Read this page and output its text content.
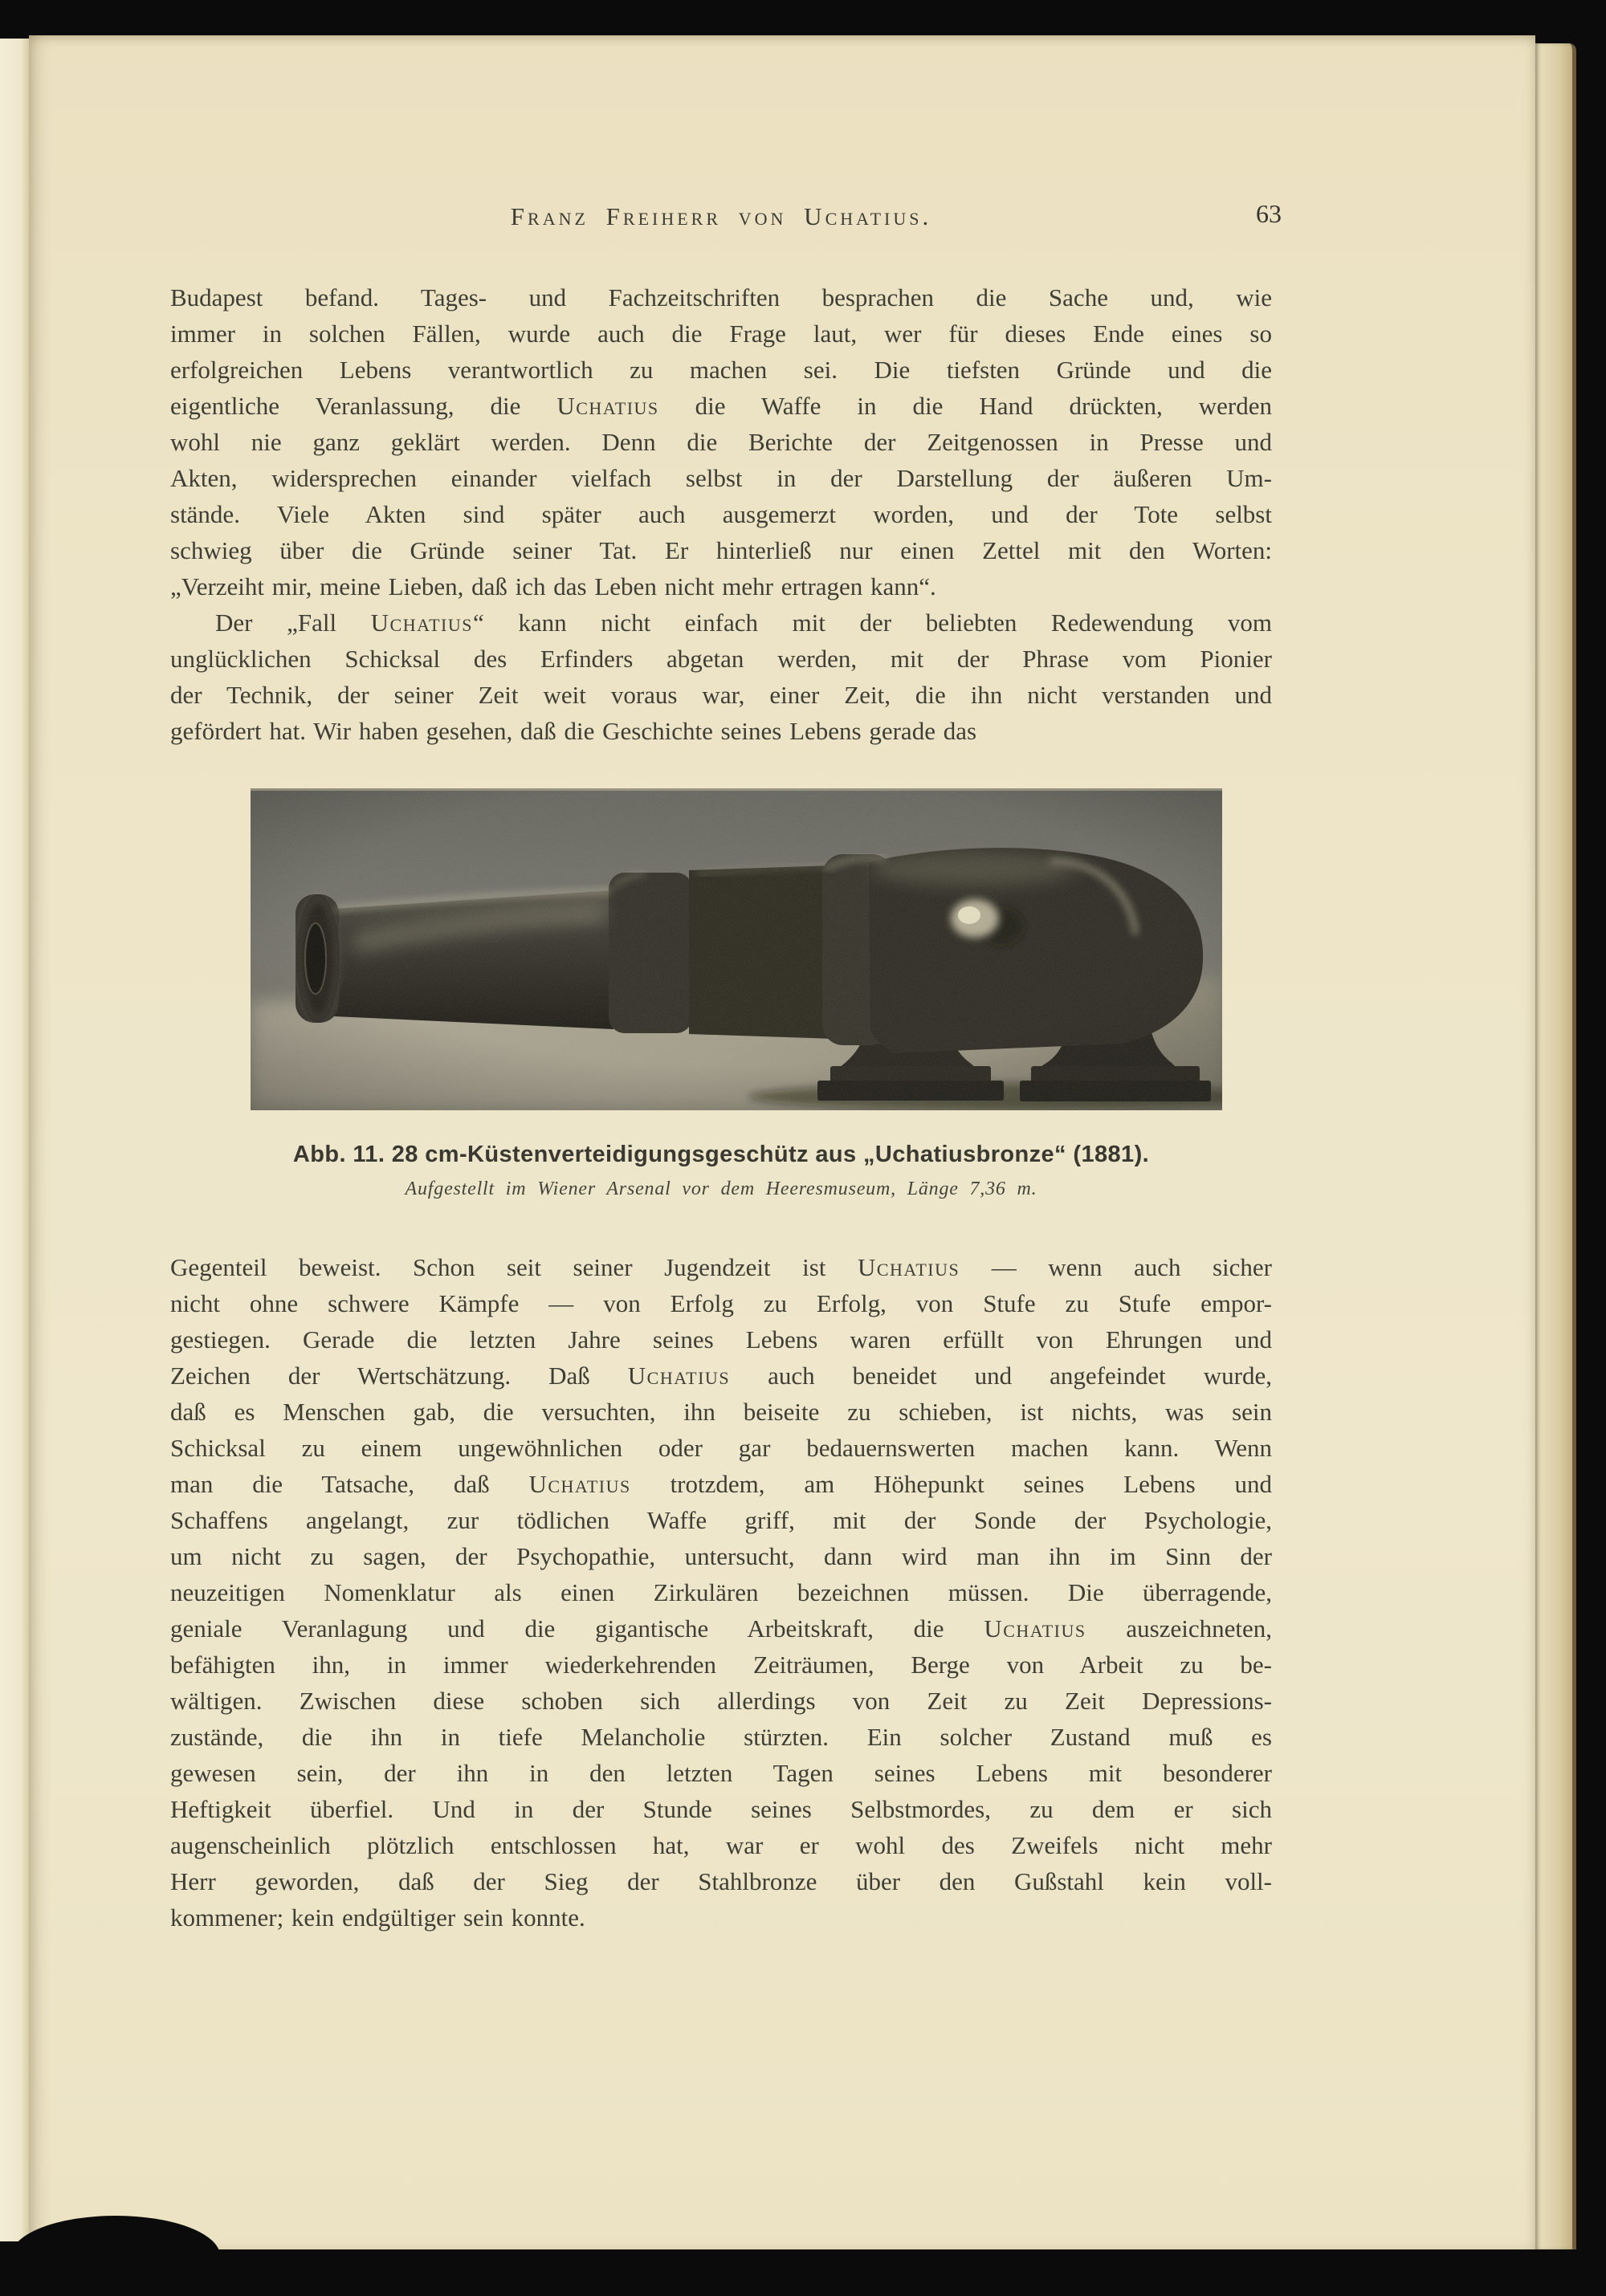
Franz Freiherr von Uchatius.	63
Budapest befand. Tages- und Fachzeitschriften besprachen die Sache und, wie
immer in solchen Fällen, wurde auch die Frage laut, wer für dieses Ende eines so
erfolgreichen Lebens verantwortlich zu machen sei. Die tiefsten Gründe und die
eigentliche Veranlassung, die Uchatius die Waffe in die Hand drückten, werden
wohl nie ganz geklärt werden. Denn die Berichte der Zeitgenossen in Presse und
Akten, widersprechen einander vielfach selbst in der Darstellung der äußeren Um-
stände. Viele Akten sind später auch ausgemerzt worden, und der Tote selbst
schwieg über die Gründe seiner Tat. Er hinterließ nur einen Zettel mit den Worten:
„Verzeiht mir, meine Lieben, daß ich das Leben nicht mehr ertragen kann“.
Der „Fall Uchatius“ kann nicht einfach mit der beliebten Redewendung vom
unglücklichen Schicksal des Erfinders abgetan werden, mit der Phrase vom Pionier
der Technik, der seiner Zeit weit voraus war, einer Zeit, die ihn nicht verstanden und
gefördert hat. Wir haben gesehen, daß die Geschichte seines Lebens gerade das
Abb. 11. 28 cm-Küstenverteidigungsgeschütz aus „Uchatiusbronze“ (1881).
Aufgestellt im Wiener Arsenal vor dem Heeresmuseum, Länge 7,36 m.
Gegenteil beweist. Schon seit seiner Jugendzeit ist Uchatius — wenn auch sicher
nicht ohne schwere Kämpfe — von Erfolg zu Erfolg, von Stufe zu Stufe empor-
gestiegen. Gerade die letzten Jahre seines Lebens waren erfüllt von Ehrungen und
Zeichen der Wertschätzung. Daß Uchatius auch beneidet und angefeindet wurde,
daß es Menschen gab, die versuchten, ihn beiseite zu schieben, ist nichts, was sein
Schicksal zu einem ungewöhnlichen oder gar bedauernswerten machen kann. Wenn
man die Tatsache, daß Uchatius trotzdem, am Höhepunkt seines Lebens und
Schaffens angelangt, zur tödlichen Waffe griff, mit der Sonde der Psychologie,
um nicht zu sagen, der Psychopathie, untersucht, dann wird man ihn im Sinn der
neuzeitigen Nomenklatur als einen Zirkulären bezeichnen müssen. Die überragende,
geniale Veranlagung und die gigantische Arbeitskraft, die Uchatius auszeichneten,
befähigten ihn, in immer wiederkehrenden Zeiträumen, Berge von Arbeit zu be-
wältigen. Zwischen diese schoben sich allerdings von Zeit zu Zeit Depressions-
zustände, die ihn in tiefe Melancholie stürzten. Ein solcher Zustand muß es
gewesen sein, der ihn in den letzten Tagen seines Lebens mit besonderer
Heftigkeit überfiel. Und in der Stunde seines Selbstmordes, zu dem er sich
augenscheinlich plötzlich entschlossen hat, war er wohl des Zweifels nicht mehr
Herr geworden, daß der Sieg der Stahlbronze über den Gußstahl kein voll-
kommener; kein endgültiger sein konnte.
